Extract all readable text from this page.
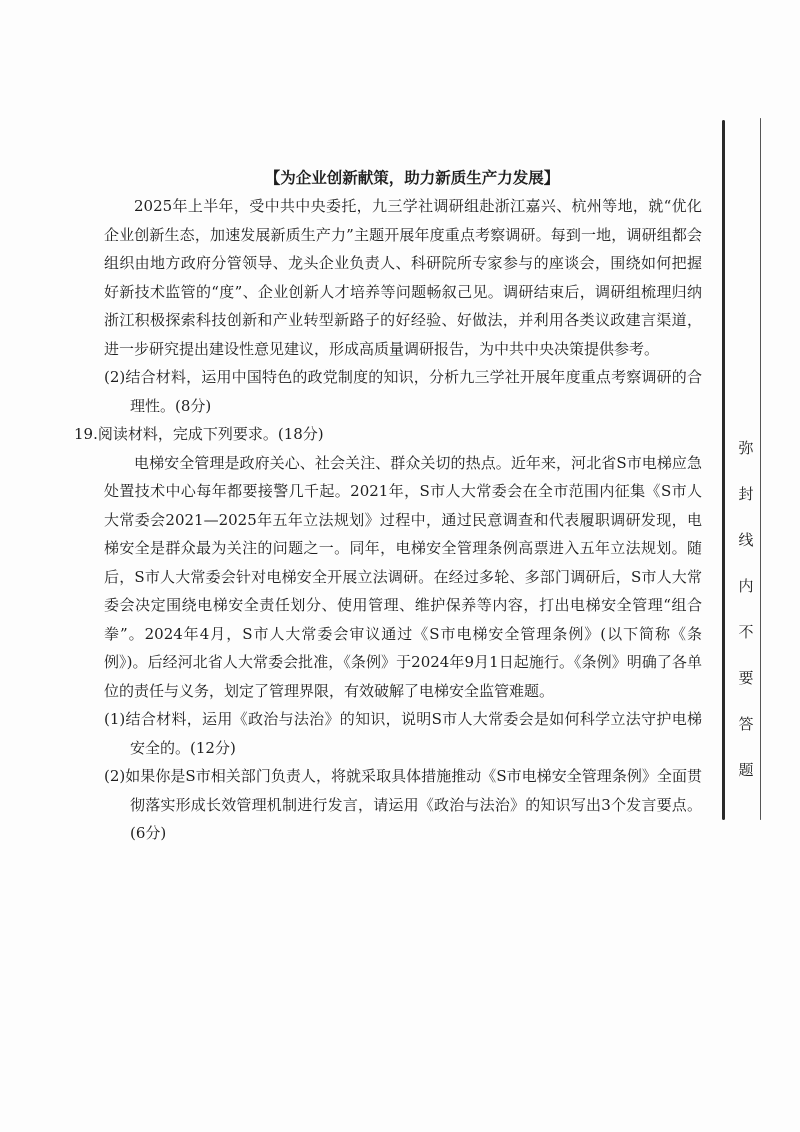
【为企业创新献策，助力新质生产力发展】

2025年上半年，受中共中央委托，九三学社调研组赴浙江嘉兴、杭州等地，就“优化企业创新生态，加速发展新质生产力”主题开展年度重点考察调研。每到一地，调研组都会组织由地方政府分管领导、龙头企业负责人、科研院所专家参与的座谈会，围绕如何把握好新技术监管的“度”、企业创新人才培养等问题畅叙己见。调研结束后，调研组梳理归纳浙江积极探索科技创新和产业转型新路子的好经验、好做法，并利用各类议政建言渠道，进一步研究提出建设性意见建议，形成高质量调研报告，为中共中央决策提供参考。

(2)结合材料，运用中国特色的政党制度的知识，分析九三学社开展年度重点考察调研的合理性。(8分)

19.阅读材料，完成下列要求。(18分)

电梯安全管理是政府关心、社会关注、群众关切的热点。近年来，河北省S市电梯应急处置技术中心每年都要接警几千起。2021年，S市人大常委会在全市范围内征集《S市人大常委会2021—2025年五年立法规划》过程中，通过民意调查和代表履职调研发现，电梯安全是群众最为关注的问题之一。同年，电梯安全管理条例高票进入五年立法规划。随后，S市人大常委会针对电梯安全开展立法调研。在经过多轮、多部门调研后，S市人大常委会决定围绕电梯安全责任划分、使用管理、维护保养等内容，打出电梯安全管理“组合拳”。2024年4月，S市人大常委会审议通过《S市电梯安全管理条例》(以下简称《条例》)。后经河北省人大常委会批准，《条例》于2024年9月1日起施行。《条例》明确了各单位的责任与义务，划定了管理界限，有效破解了电梯安全监管难题。

(1)结合材料，运用《政治与法治》的知识，说明S市人大常委会是如何科学立法守护电梯安全的。(12分)

(2)如果你是S市相关部门负责人，将就采取具体措施推动《S市电梯安全管理条例》全面贯彻落实形成长效管理机制进行发言，请运用《政治与法治》的知识写出3个发言要点。(6分)

弥
封
线
内
不
要
答
题
